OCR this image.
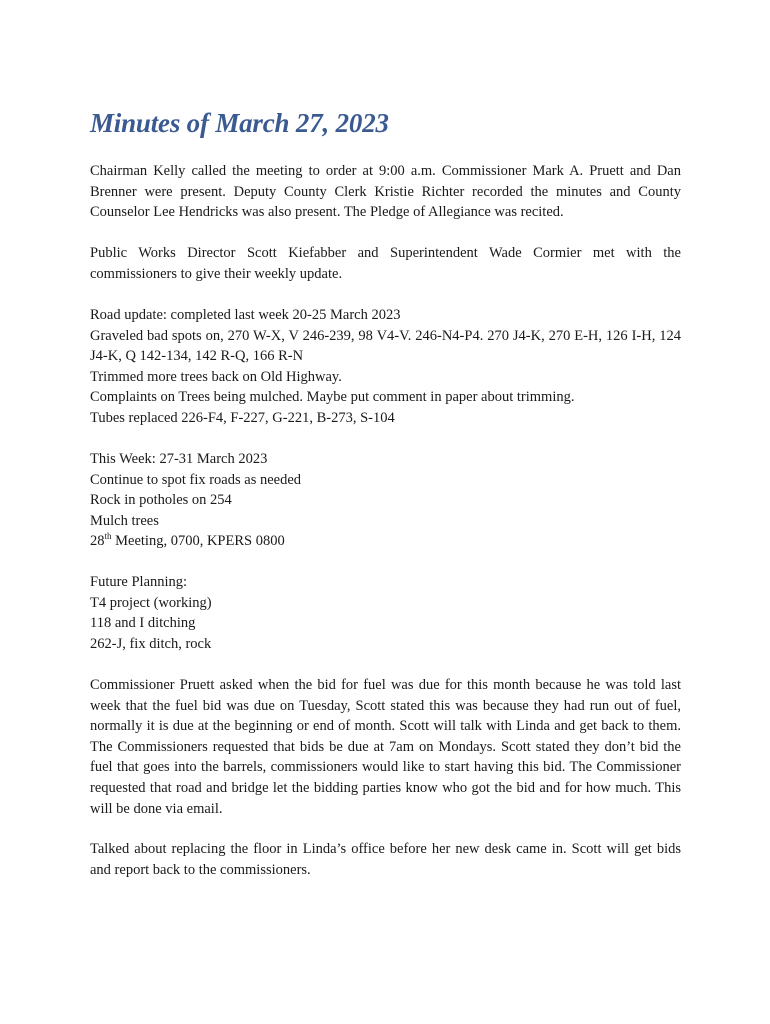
Minutes of March 27, 2023

Chairman Kelly called the meeting to order at 9:00 a.m. Commissioner Mark A. Pruett and Dan Brenner were present. Deputy County Clerk Kristie Richter recorded the minutes and County Counselor Lee Hendricks was also present. The Pledge of Allegiance was recited.

Public Works Director Scott Kiefabber and Superintendent Wade Cormier met with the commissioners to give their weekly update.

Road update: completed last week 20-25 March 2023
Graveled bad spots on, 270 W-X, V 246-239, 98 V4-V. 246-N4-P4. 270 J4-K, 270 E-H, 126 I-H, 124 J4-K, Q 142-134, 142 R-Q, 166 R-N
Trimmed more trees back on Old Highway.
Complaints on Trees being mulched. Maybe put comment in paper about trimming.
Tubes replaced 226-F4, F-227, G-221, B-273, S-104
This Week: 27-31 March 2023
Continue to spot fix roads as needed
Rock in potholes on 254
Mulch trees
28th Meeting, 0700, KPERS 0800
Future Planning:
T4 project (working)
118 and I ditching
262-J, fix ditch, rock

Commissioner Pruett asked when the bid for fuel was due for this month because he was told last week that the fuel bid was due on Tuesday, Scott stated this was because they had run out of fuel, normally it is due at the beginning or end of month. Scott will talk with Linda and get back to them. The Commissioners requested that bids be due at 7am on Mondays. Scott stated they don’t bid the fuel that goes into the barrels, commissioners would like to start having this bid. The Commissioner requested that road and bridge let the bidding parties know who got the bid and for how much. This will be done via email.

Talked about replacing the floor in Linda’s office before her new desk came in. Scott will get bids and report back to the commissioners.
